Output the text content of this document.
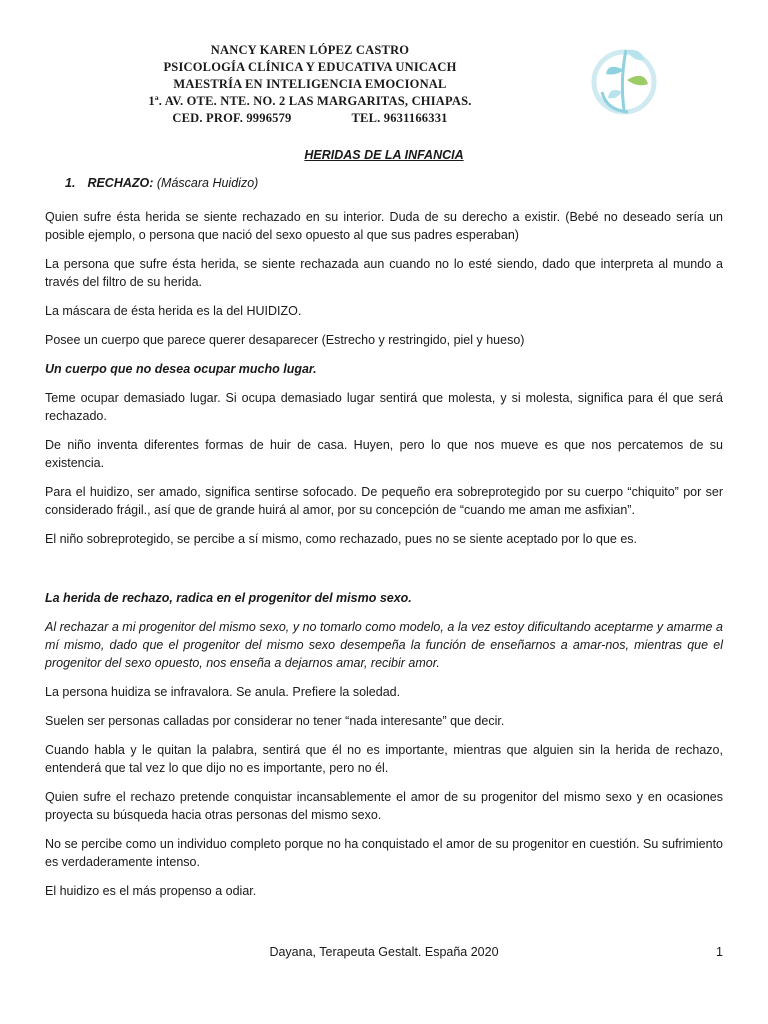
NANCY KAREN LÓPEZ CASTRO
PSICOLOGÍA CLÍNICA Y EDUCATIVA UNICACH
MAESTRÍA EN INTELIGENCIA EMOCIONAL
1ª. AV. OTE. NTE. NO. 2 LAS MARGARITAS, CHIAPAS.
CED. PROF. 9996579	TEL. 9631166331
HERIDAS DE LA INFANCIA
1. RECHAZO: (Máscara Huidizo)

Quien sufre ésta herida se siente rechazado en su interior. Duda de su derecho a existir. (Bebé no deseado sería un posible ejemplo, o persona que nació del sexo opuesto al que sus padres esperaban)

La persona que sufre ésta herida, se siente rechazada aun cuando no lo esté siendo, dado que interpreta al mundo a través del filtro de su herida.

La máscara de ésta herida es la del HUIDIZO.

Posee un cuerpo que parece querer desaparecer (Estrecho y restringido, piel y hueso)

Un cuerpo que no desea ocupar mucho lugar.

Teme ocupar demasiado lugar. Si ocupa demasiado lugar sentirá que molesta, y si molesta, significa para él que será rechazado.

De niño inventa diferentes formas de huir de casa. Huyen, pero lo que nos mueve es que nos percatemos de su existencia.

Para el huidizo, ser amado, significa sentirse sofocado. De pequeño era sobreprotegido por su cuerpo “chiquito” por ser considerado frágil., así que de grande huirá al amor, por su concepción de “cuando me aman me asfixian”.

El niño sobreprotegido, se percibe a sí mismo, como rechazado, pues no se siente aceptado por lo que es.

La herida de rechazo, radica en el progenitor del mismo sexo.

Al rechazar a mi progenitor del mismo sexo, y no tomarlo como modelo, a la vez estoy dificultando aceptarme y amarme a mí mismo, dado que el progenitor del mismo sexo desempeña la función de enseñarnos a amar-nos, mientras que el progenitor del sexo opuesto, nos enseña a dejarnos amar, recibir amor.

La persona huidiza se infravalora. Se anula. Prefiere la soledad.

Suelen ser personas calladas por considerar no tener “nada interesante” que decir.

Cuando habla y le quitan la palabra, sentirá que él no es importante, mientras que alguien sin la herida de rechazo, entenderá que tal vez lo que dijo no es importante, pero no él.

Quien sufre el rechazo pretende conquistar incansablemente el amor de su progenitor del mismo sexo y en ocasiones proyecta su búsqueda hacia otras personas del mismo sexo.

No se percibe como un individuo completo porque no ha conquistado el amor de su progenitor en cuestión. Su sufrimiento es verdaderamente intenso.

El huidizo es el más propenso a odiar.

Dayana, Terapeuta Gestalt. España 2020	1
